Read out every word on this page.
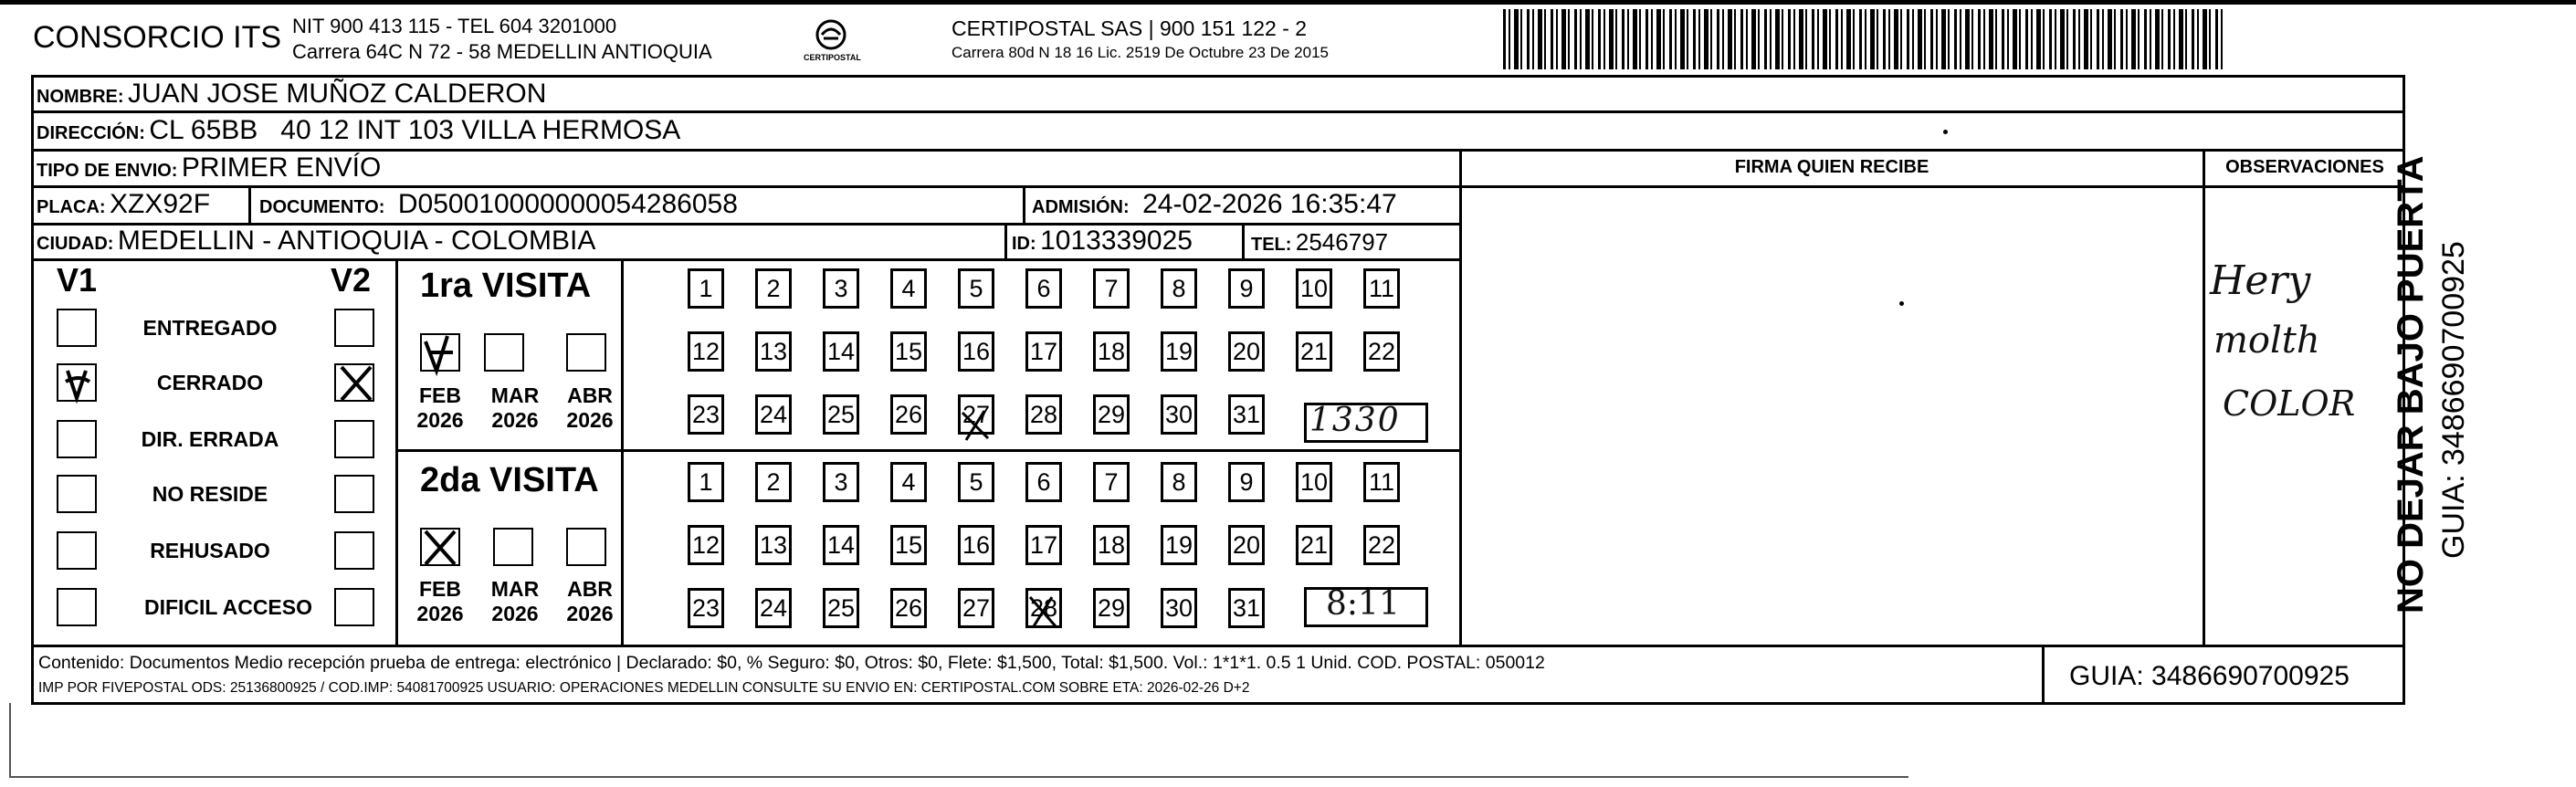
CONSORCIO ITS NIT 900 413 115 - TEL 604 3201000
Carrera 64C N 72 - 58 MEDELLIN ANTIOQUIA	CERTIPOSTAL
CERTIPOSTAL SAS | 900 151 122 - 2
Carrera 80d N 18 16 Lic. 2519 De Octubre 23 De 2015
NOMBRE: JUAN JOSE MUÑOZ CALDERON
DIRECCIÓN: CL 65BB   40 12 INT 103 VILLA HERMOSA
TIPO DE ENVIO: PRIMER ENVÍO	FIRMA QUIEN RECIBE	OBSERVACIONES
PLACA: XZX92F	DOCUMENTO: D050010000000054286058	ADMISIÓN: 24-02-2026 16:35:47
CIUDAD: MEDELLIN - ANTIOQUIA - COLOMBIA	ID: 1013339025	TEL: 2546797
V1	V2
ENTREGADO
CERRADO
DIR. ERRADA
NO RESIDE
REHUSADO
DIFICIL ACCESO
1ra VISITA
2da VISITA
FEB
2026
MAR
2026
ABR
2026
FEB
2026
MAR
2026
ABR
2026
1	2	3	4	5	6	7	8	9	10 11
12 13 14 15 16 17 18 19 20 21 22
23 24 25 26 27 28 29 30 31
1	2	3	4	5	6	7	8	9	10 11
12 13 14 15 16 17 18 19 20 21 22
23 24 25 26 27 28 29 30 31
1330
8:11
Hery
molth
COLOR
Contenido: Documentos Medio recepción prueba de entrega: electrónico | Declarado: $0, % Seguro: $0, Otros: $0, Flete: $1,500, Total: $1,500. Vol.: 1*1*1. 0.5 1 Unid. COD. POSTAL: 050012
IMP POR FIVEPOSTAL ODS: 25136800925 / COD.IMP: 54081700925 USUARIO: OPERACIONES MEDELLIN CONSULTE SU ENVIO EN: CERTIPOSTAL.COM SOBRE ETA: 2026-02-26 D+2	GUIA: 3486690700925
NO DEJAR BAJO PUERTA GUIA: 3486690700925
